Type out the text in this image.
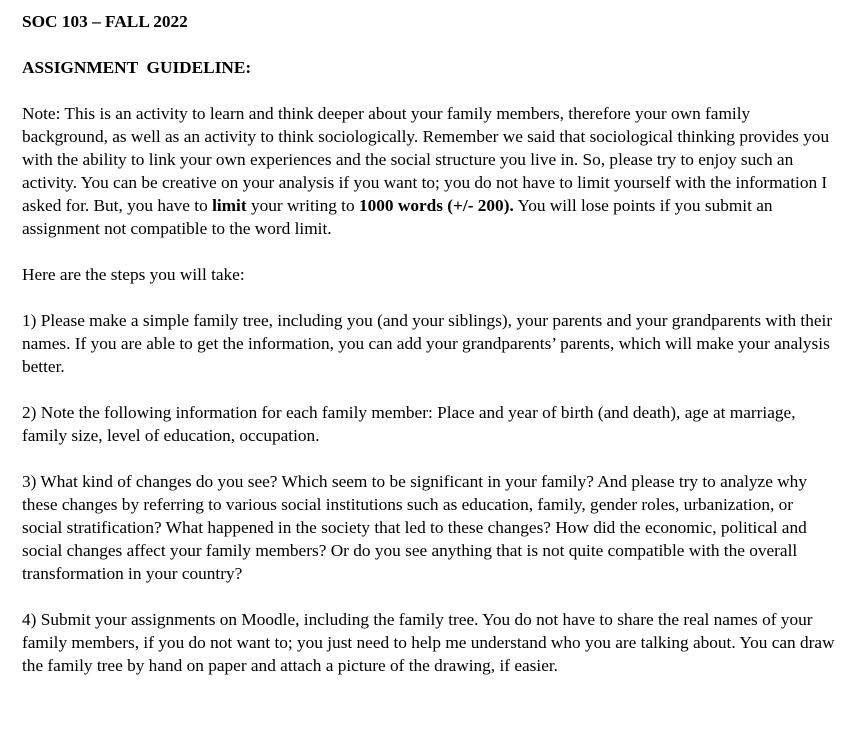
SOC 103 – FALL 2022

ASSIGNMENT  GUIDELINE:

Note: This is an activity to learn and think deeper about your family members, therefore your own family background, as well as an activity to think sociologically. Remember we said that sociological thinking provides you with the ability to link your own experiences and the social structure you live in. So, please try to enjoy such an activity. You can be creative on your analysis if you want to; you do not have to limit yourself with the information I asked for. But, you have to limit your writing to 1000 words (+/- 200). You will lose points if you submit an assignment not compatible to the word limit.

Here are the steps you will take:

1) Please make a simple family tree, including you (and your siblings), your parents and your grandparents with their names. If you are able to get the information, you can add your grandparents’ parents, which will make your analysis better.

2) Note the following information for each family member: Place and year of birth (and death), age at marriage, family size, level of education, occupation.

3) What kind of changes do you see? Which seem to be significant in your family? And please try to analyze why these changes by referring to various social institutions such as education, family, gender roles, urbanization, or social stratification? What happened in the society that led to these changes? How did the economic, political and social changes affect your family members? Or do you see anything that is not quite compatible with the overall transformation in your country?

4) Submit your assignments on Moodle, including the family tree. You do not have to share the real names of your family members, if you do not want to; you just need to help me understand who you are talking about. You can draw the family tree by hand on paper and attach a picture of the drawing, if easier.
